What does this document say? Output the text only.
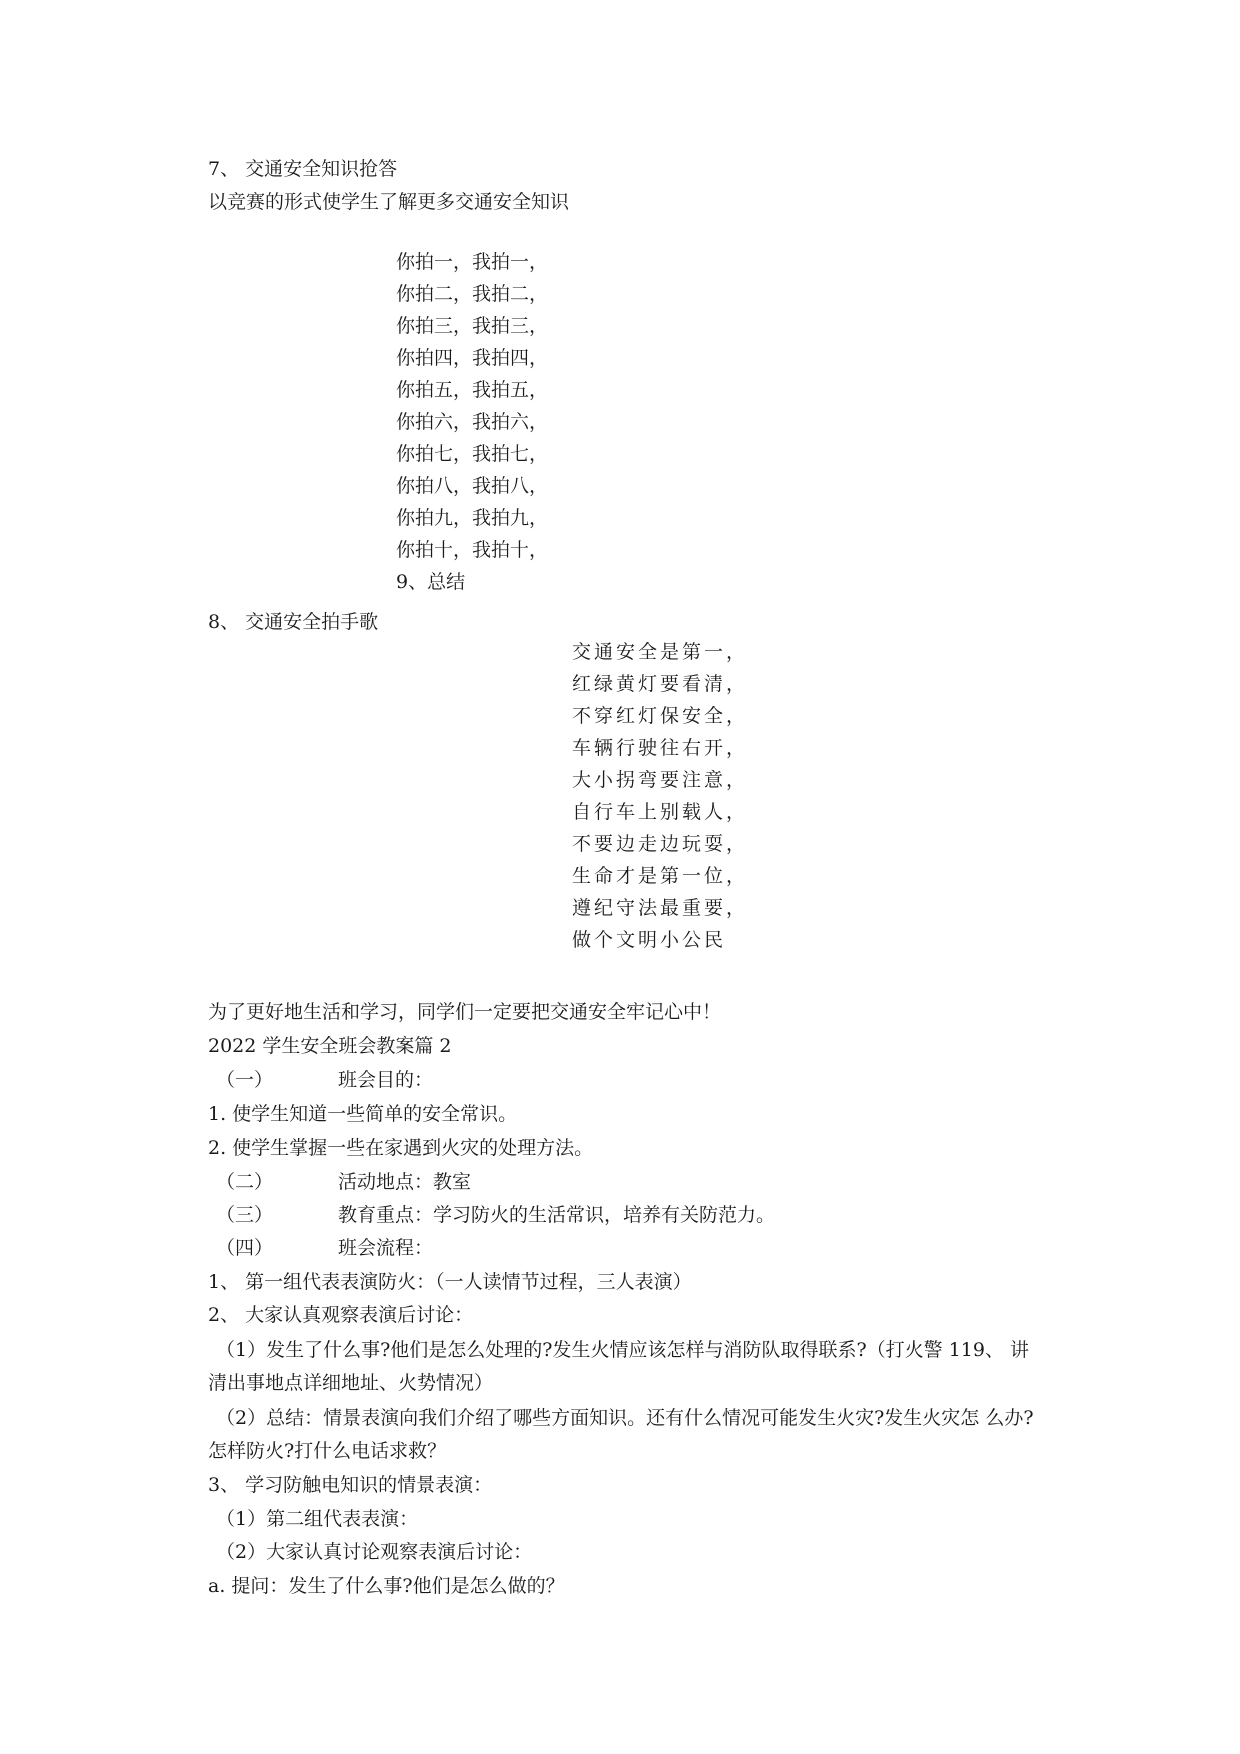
7、 交通安全知识抢答
以竞赛的形式使学生了解更多交通安全知识
你拍一，我拍一，
你拍二，我拍二，
你拍三，我拍三，
你拍四，我拍四，
你拍五，我拍五，
你拍六，我拍六，
你拍七，我拍七，
你拍八，我拍八，
你拍九，我拍九，
你拍十，我拍十，
9、总结
8、 交通安全拍手歌
交通安全是第一，
红绿黄灯要看清，
不穿红灯保安全，
车辆行驶往右开，
大小拐弯要注意，
自行车上别载人，
不要边走边玩耍，
生命才是第一位，
遵纪守法最重要，
做个文明小公民
为了更好地生活和学习，同学们一定要把交通安全牢记心中！
2022 学生安全班会教案篇 2
（一）	班会目的：
1. 使学生知道一些简单的安全常识。
2. 使学生掌握一些在家遇到火灾的处理方法。
（二）	活动地点：教室
（三）	教育重点：学习防火的生活常识，培养有关防范力。
（四）	班会流程：
1、 第一组代表表演防火：（一人读情节过程，三人表演）
2、 大家认真观察表演后讨论：
（1）发生了什么事?他们是怎么处理的?发生火情应该怎样与消防队取得联系?（打火警 119、 讲
清出事地点详细地址、火势情况）
（2）总结：情景表演向我们介绍了哪些方面知识。还有什么情况可能发生火灾?发生火灾怎 么办?
怎样防火?打什么电话求救？
3、 学习防触电知识的情景表演：
（1）第二组代表表演：
（2）大家认真讨论观察表演后讨论：
a. 提问：发生了什么事?他们是怎么做的？
